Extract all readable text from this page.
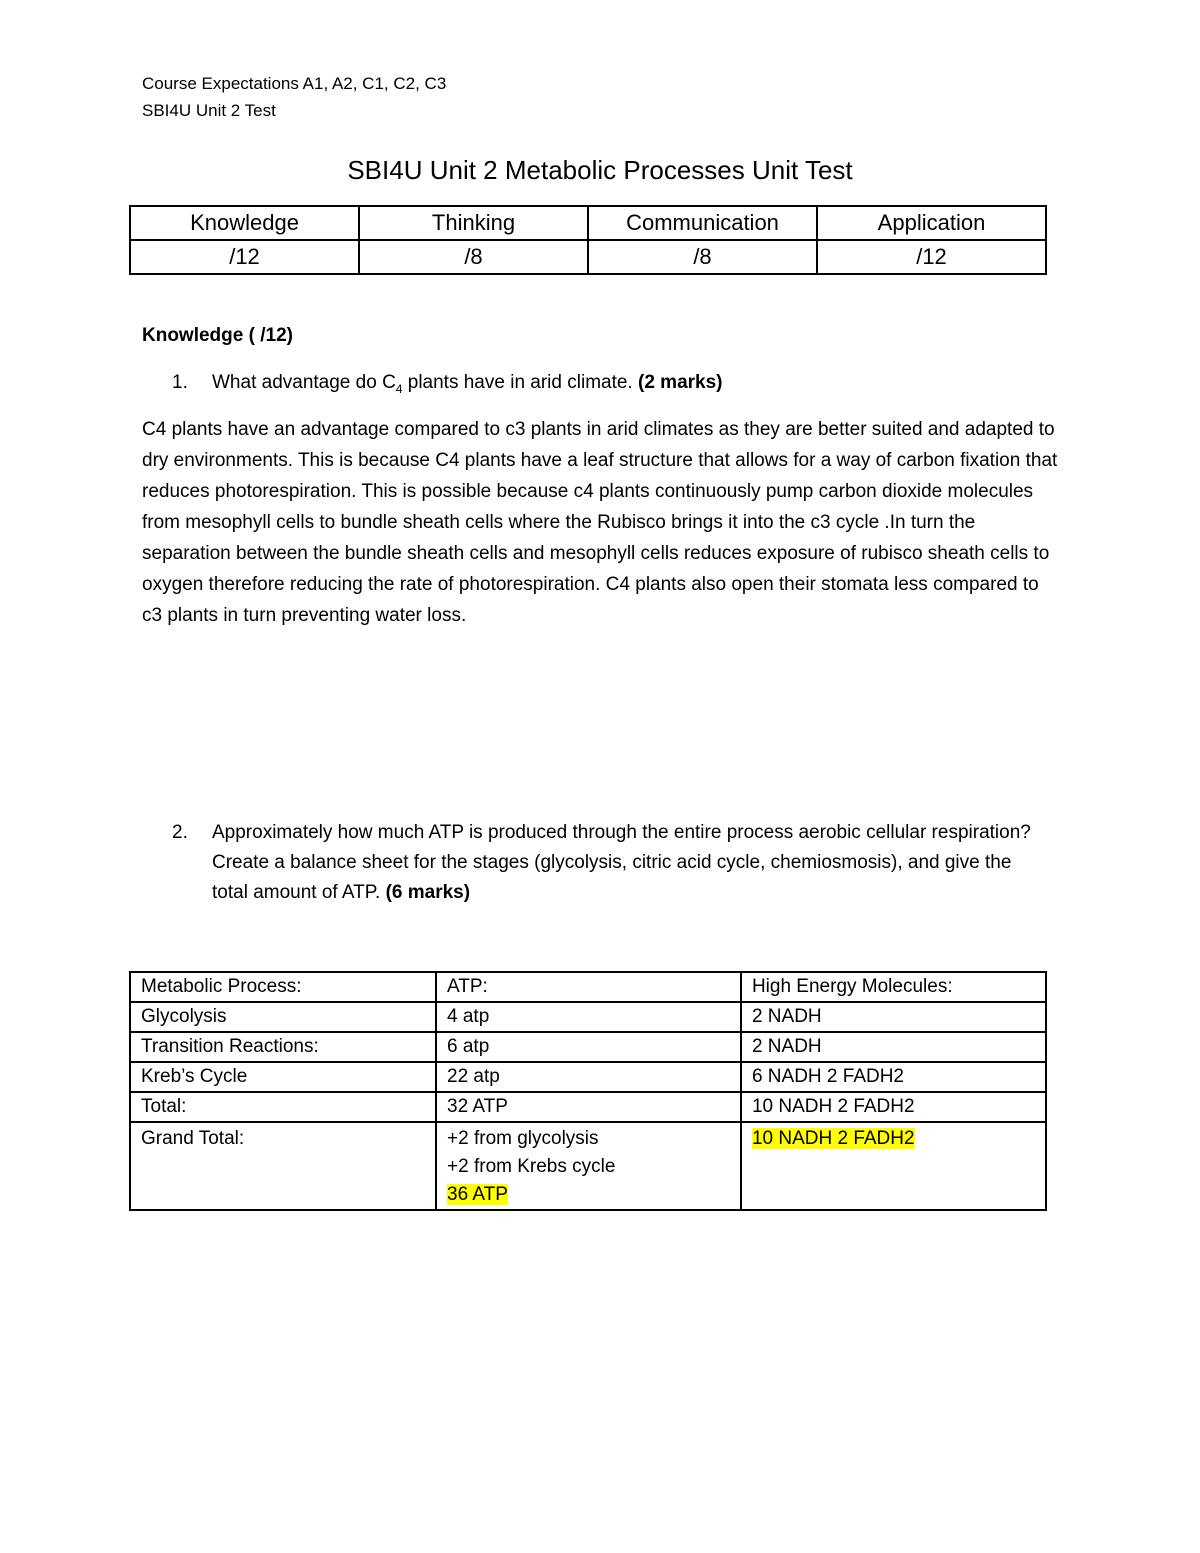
Course Expectations A1, A2, C1, C2, C3
SBI4U Unit 2 Test
SBI4U Unit 2 Metabolic Processes Unit Test
Knowledge	Thinking	Communication	Application
/12	/8	/8	/12
Knowledge ( /12)
1. What advantage do $C_4$ plants have in arid climate. (2 marks)
C4 plants have an advantage compared to c3 plants in arid climates as they are better suited and adapted to dry environments. This is because C4 plants have a leaf structure that allows for a way of carbon fixation that reduces photorespiration. This is possible because c4 plants continuously pump carbon dioxide molecules from mesophyll cells to bundle sheath cells where the Rubisco brings it into the c3 cycle .In turn the separation between the bundle sheath cells and mesophyll cells reduces exposure of rubisco sheath cells to oxygen therefore reducing the rate of photorespiration. C4 plants also open their stomata less compared to c3 plants in turn preventing water loss.
2. Approximately how much ATP is produced through the entire process aerobic cellular respiration? Create a balance sheet for the stages (glycolysis, citric acid cycle, chemiosmosis), and give the total amount of ATP. (6 marks)
Metabolic Process:	ATP:	High Energy Molecules:
Glycolysis	4 atp	2 NADH
Transition Reactions:	6 atp	2 NADH
Kreb’s Cycle	22 atp	6 NADH 2 FADH2
Total:	32 ATP	10 NADH 2 FADH2
Grand Total:	+2 from glycolysis
+2 from Krebs cycle
36 ATP	10 NADH 2 FADH2
